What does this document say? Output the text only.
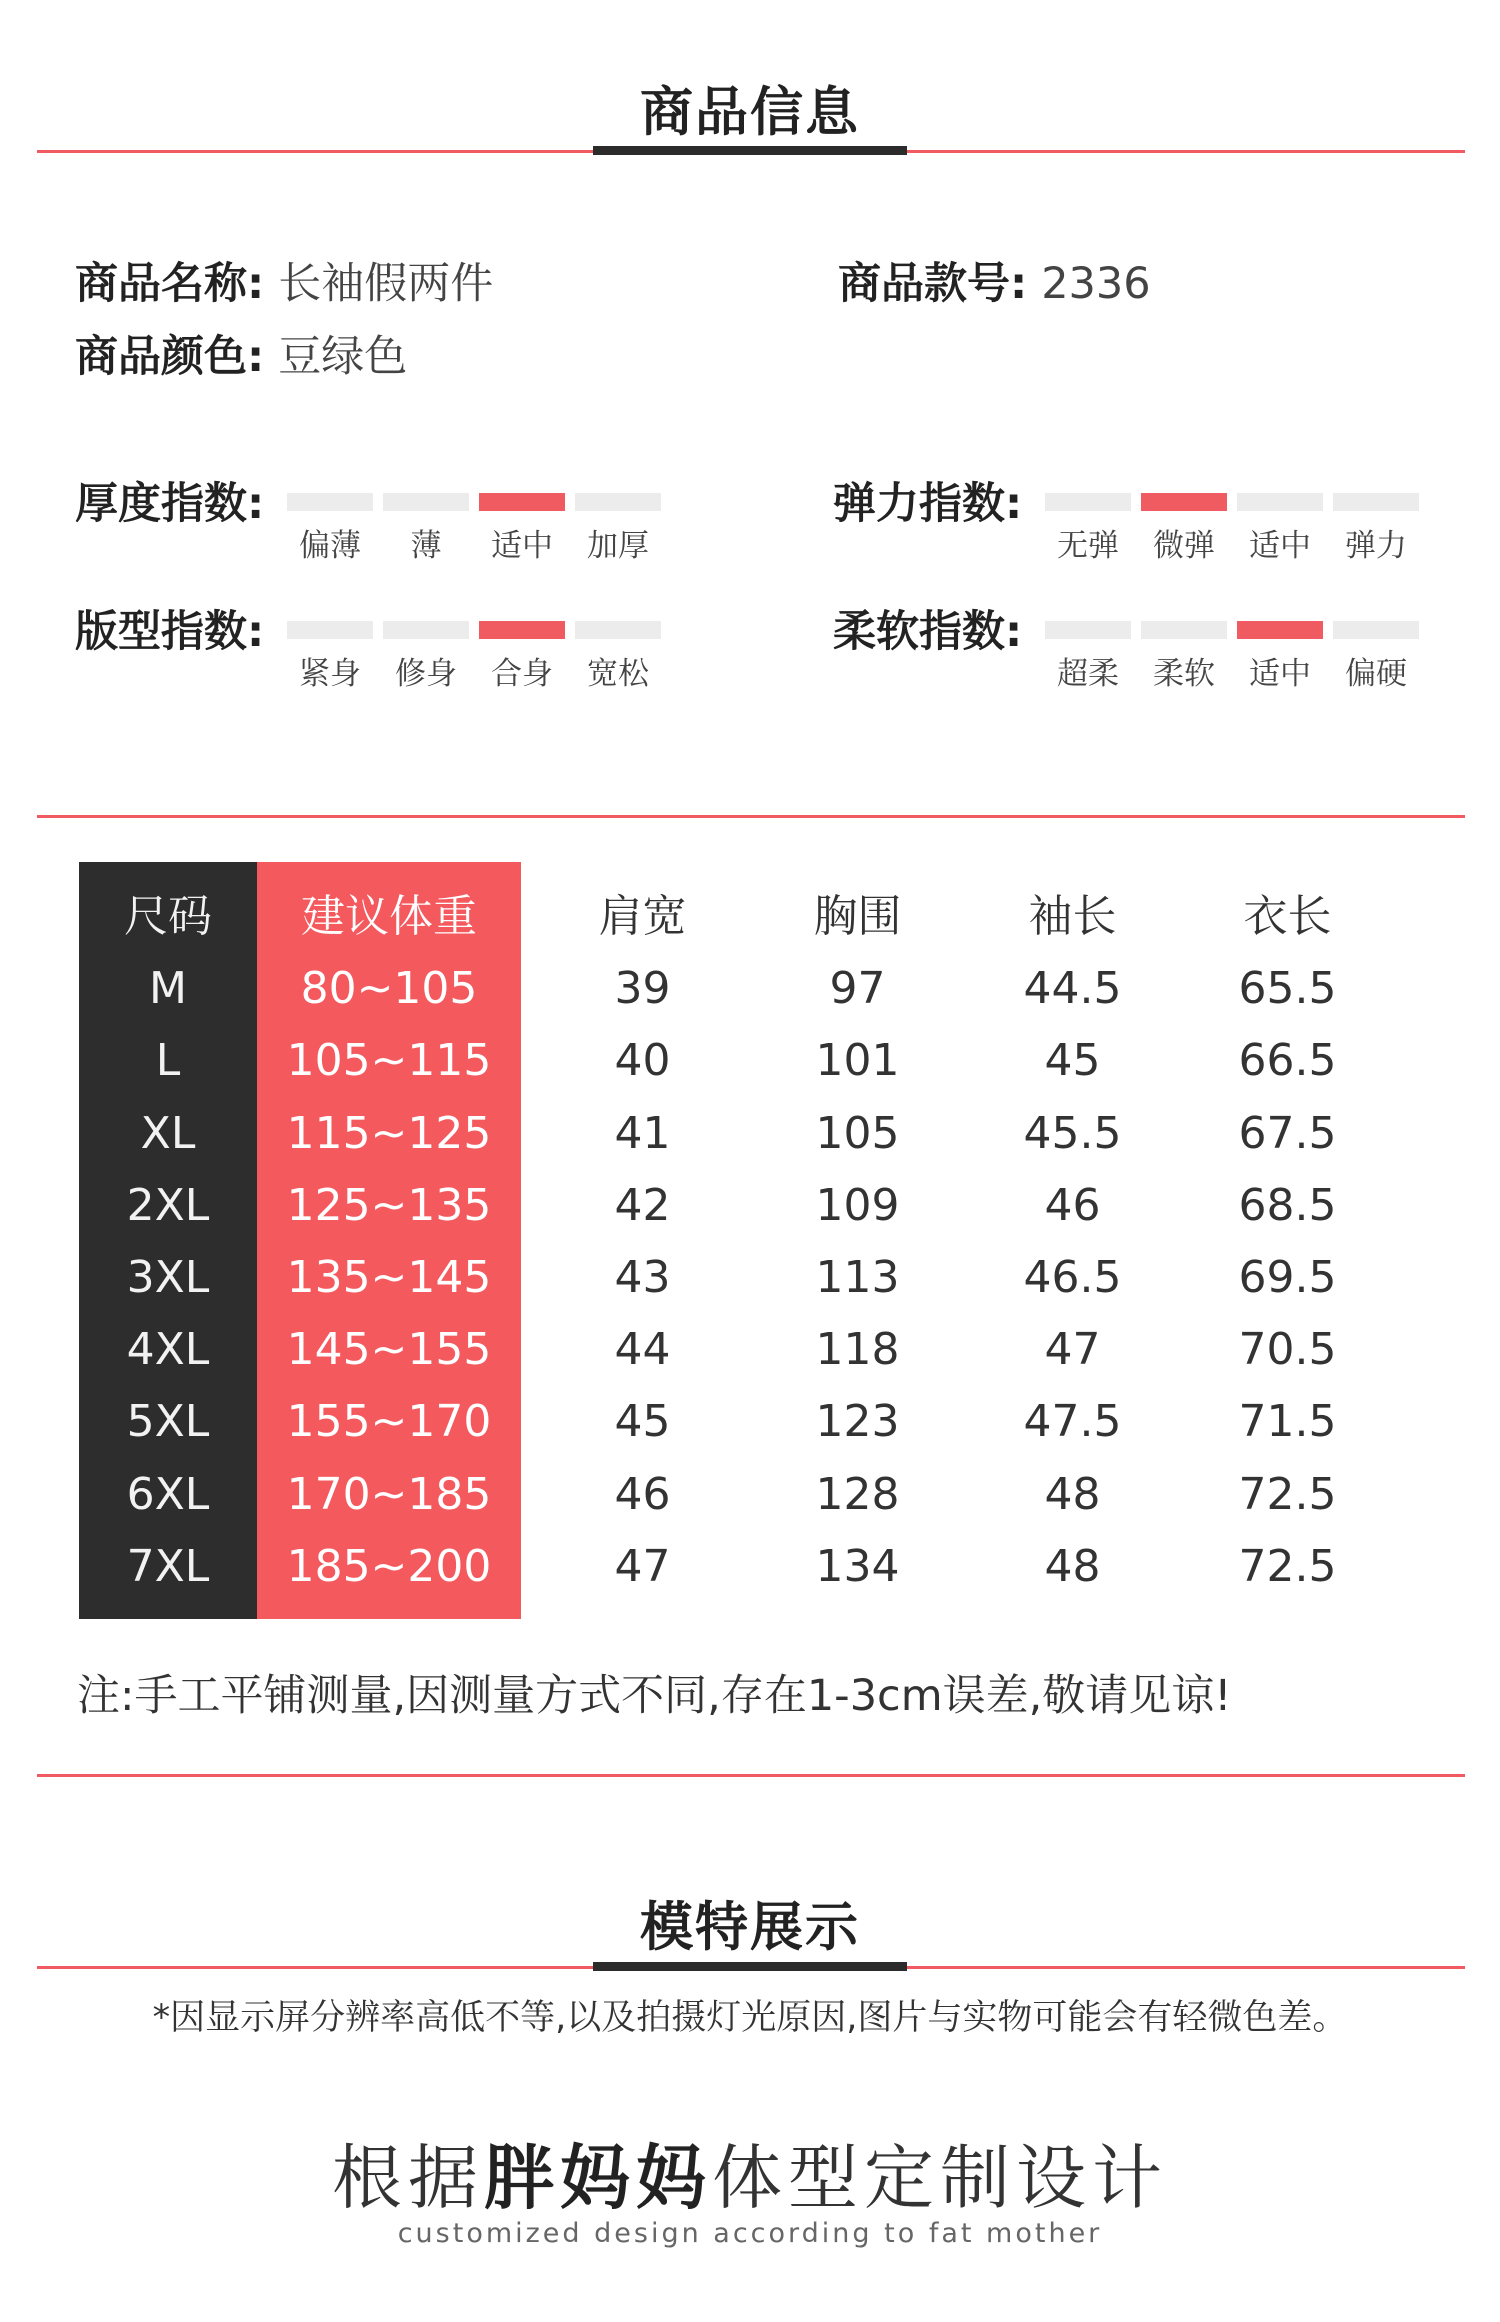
商品信息
商品名称: 长袖假两件	商品款号: 2336
商品颜色: 豆绿色
厚度指数:
偏薄	薄	适中	加厚
弹力指数:
无弹	微弹	适中	弹力
版型指数:
紧身	修身	合身	宽松
柔软指数:
超柔	柔软	适中	偏硬
尺码	建议体重	肩宽	胸围	袖长	衣长
M	80~105	39	97	44.5	65.5
L	105~115	40	101	45	66.5
XL	115~125	41	105	45.5	67.5
2XL	125~135	42	109	46	68.5
3XL	135~145	43	113	46.5	69.5
4XL	145~155	44	118	47	70.5
5XL	155~170	45	123	47.5	71.5
6XL	170~185	46	128	48	72.5
7XL	185~200	47	134	48	72.5
注:手工平铺测量,因测量方式不同,存在1-3cm误差,敬请见谅!
模特展示
*因显示屏分辨率高低不等,以及拍摄灯光原因,图片与实物可能会有轻微色差。
根据胖妈妈体型定制设计
customized design according to fat mother
